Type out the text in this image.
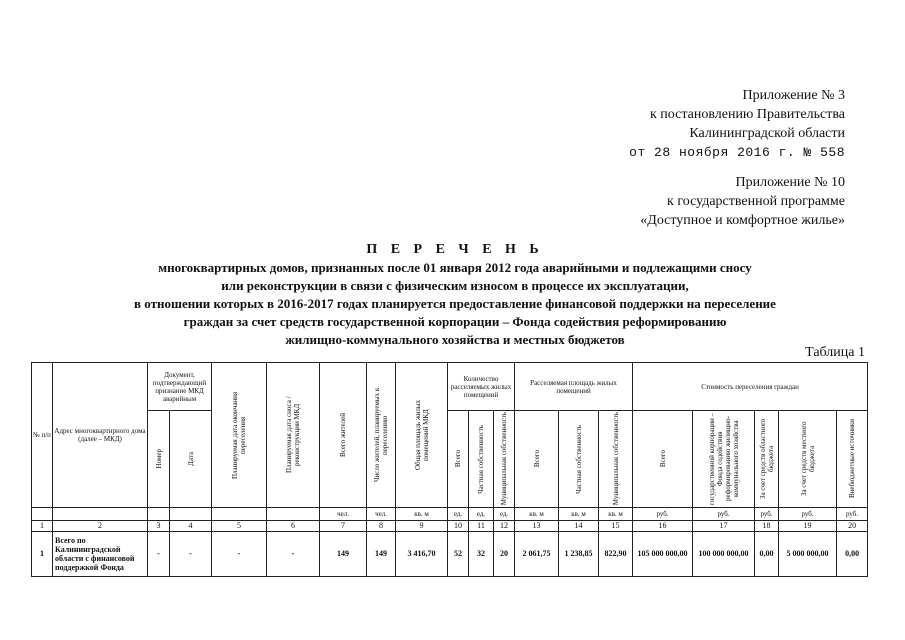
Приложение № 3
к постановлению Правительства
Калининградской области
от 28 ноября 2016 г. № 558
Приложение № 10
к государственной программе
«Доступное и комфортное жилье»
П Е Р Е Ч Е Н Ь
многоквартирных домов, признанных после 01 января 2012 года аварийными и подлежащими сносу
или реконструкции в связи с физическим износом в процессе их эксплуатации,
в отношении которых в 2016-2017 годах планируется предоставление финансовой поддержки на переселение
граждан за счет средств государственной корпорации – Фонда содействия реформированию
жилищно-коммунального хозяйства и местных бюджетов
Таблица 1
№ п/п	Адрес многоквартирного дома (далее – МКД)	Документ, подтверждающий признание МКД аварийным		Планируемая дата окончания переселения	Планируемая дата сноса / реконструкции МКД	Всего жителей	Число жителей, планируемых к переселению	Общая площадь жилых помещений МКД	Количество расселяемых жилых помещений			Расселяемая площадь жилых помещений			Стоимость переселения граждан				

		Номер	Дата						Всего	Частная собственность	Муниципальная собственность	Всего	Частная собственность	Муниципальная собственность	Всего	государственной корпорации – Фонда содействия реформированию жилищно-коммунального хозяйства	За счет средств областного бюджета	За счет средств местного бюджета	Внебюджетные источники

						чел.	чел.	кв. м	ед.	ед.	ед.	кв. м	кв. м	кв. м	руб.	руб.	руб.	руб.	руб.
1	2	3	4	5	6	7	8	9	10	11	12	13	14	15	16	17	18	19	20
1	Всего по Калининградской области с финансовой поддержкой Фонда	-	-	-	-	149	149	3 416,70	52	32	20	2 061,75	1 238,85	822,90	105 000 000,00	100 000 000,00	0,00	5 000 000,00	0,00
